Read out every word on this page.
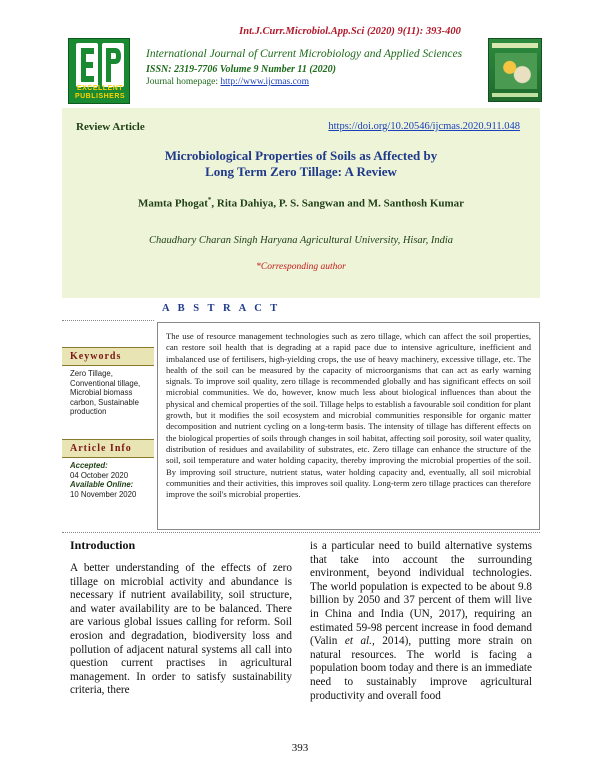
Int.J.Curr.Microbiol.App.Sci (2020) 9(11): 393-400
EXCELLENT PUBLISHERS
International Journal of Current Microbiology and Applied Sciences
ISSN: 2319-7706 Volume 9 Number 11 (2020)
Journal homepage: http://www.ijcmas.com
Review Article	https://doi.org/10.20546/ijcmas.2020.911.048
Microbiological Properties of Soils as Affected by
Long Term Zero Tillage: A Review
Mamta Phogat*, Rita Dahiya, P. S. Sangwan and M. Santhosh Kumar
Chaudhary Charan Singh Haryana Agricultural University, Hisar, India
*Corresponding author
A B S T R A C T
Keywords
Zero Tillage, Conventional tillage, Microbial biomass carbon, Sustainable production
Article Info
Accepted:
04 October 2020
Available Online:
10 November 2020

The use of resource management technologies such as zero tillage, which can affect the soil properties, can restore soil health that is degrading at a rapid pace due to intensive agriculture, inefficient and imbalanced use of fertilisers, high-yielding crops, the use of heavy machinery, excessive tillage, etc. The health of the soil can be measured by the capacity of microorganisms that can act as early warning signals. To improve soil quality, zero tillage is recommended globally and has significant effects on soil microbial communities. We do, however, know much less about biological influences than about the physical and chemical properties of the soil. Tillage helps to establish a favourable soil condition for plant growth, but it modifies the soil ecosystem and microbial communities responsible for organic matter decomposition and nutrient cycling on a long-term basis. The intensity of tillage has different effects on the biological properties of soils through changes in soil habitat, affecting soil porosity, soil water quality, distribution of residues and availability of substrates, etc. Zero tillage can enhance the structure of the soil, soil temperature and water holding capacity, thereby improving the microbial properties of the soil. By improving soil structure, nutrient status, water holding capacity and, eventually, all soil microbial communities and their activities, this improves soil quality. Long-term zero tillage practices can therefore improve the soil's microbial properties.

Introduction

A better understanding of the effects of zero tillage on microbial activity and abundance is necessary if nutrient availability, soil structure, and water availability are to be balanced. There are various global issues calling for reform. Soil erosion and degradation, biodiversity loss and pollution of adjacent natural systems all call into question current practises in agricultural management. In order to satisfy sustainability criteria, there

is a particular need to build alternative systems that take into account the surrounding environment, beyond individual technologies. The world population is expected to be about 9.8 billion by 2050 and 37 percent of them will live in China and India (UN, 2017), requiring an estimated 59-98 percent increase in food demand (Valin et al., 2014), putting more strain on natural resources. The world is facing a population boom today and there is an immediate need to sustainably improve agricultural productivity and overall food

393
